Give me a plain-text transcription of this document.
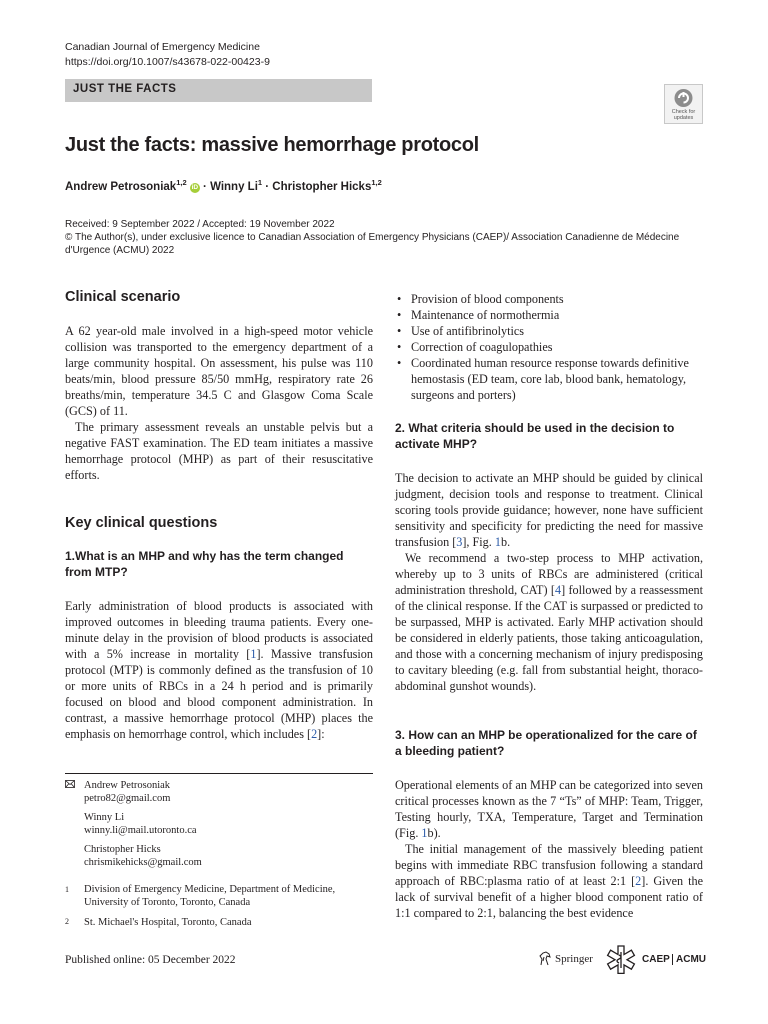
Canadian Journal of Emergency Medicine
https://doi.org/10.1007/s43678-022-00423-9
JUST THE FACTS
Check for
updates
Just the facts: massive hemorrhage protocol
Andrew Petrosoniak$^{1,2}$ iD · Winny $Li^1$ · Christopher Hicks$^{1,2}$
Received: 9 September 2022 / Accepted: 19 November 2022
© The Author(s), under exclusive licence to Canadian Association of Emergency Physicians (CAEP)/ Association Canadienne de Médecine d'Urgence (ACMU) 2022
Clinical scenario

A 62 year-old male involved in a high-speed motor vehicle collision was transported to the emergency department of a large community hospital. On assessment, his pulse was 110 beats/min, blood pressure 85/50 mmHg, respiratory rate 26 breaths/min, temperature 34.5 C and Glasgow Coma Scale (GCS) of 11.

The primary assessment reveals an unstable pelvis but a negative FAST examination. The ED team initiates a massive hemorrhage protocol (MHP) as part of their resuscitative efforts.

Key clinical questions
1.What is an MHP and why has the term changed from MTP?

Early administration of blood products is associated with improved outcomes in bleeding trauma patients. Every one-minute delay in the provision of blood products is associated with a 5% increase in mortality [1]. Massive transfusion protocol (MTP) is commonly defined as the transfusion of 10 or more units of RBCs in a 24 h period and is primarily focused on blood and blood component administration. In contrast, a massive hemorrhage protocol (MHP) places the emphasis on hemorrhage control, which includes [2]:

Andrew Petrosoniak
petro82@gmail.com
Winny Li
winny.li@mail.utoronto.ca
Christopher Hicks
chrismikehicks@gmail.com
1 Division of Emergency Medicine, Department of Medicine, University of Toronto, Toronto, Canada
2 St. Michael's Hospital, Toronto, Canada
• Provision of blood components
• Maintenance of normothermia
• Use of antifibrinolytics
• Correction of coagulopathies
• Coordinated human resource response towards definitive hemostasis (ED team, core lab, blood bank, hematology, surgeons and porters)
2. What criteria should be used in the decision to activate MHP?

The decision to activate an MHP should be guided by clinical judgment, decision tools and response to treatment. Clinical scoring tools provide guidance; however, none have sufficient sensitivity and specificity for predicting the need for massive transfusion [3], Fig. 1b.

We recommend a two-step process to MHP activation, whereby up to 3 units of RBCs are administered (critical administration threshold, CAT) [4] followed by a reassessment of the clinical response. If the CAT is surpassed or predicted to be surpassed, MHP is activated. Early MHP activation should be considered in elderly patients, those taking anticoagulation, and those with a concerning mechanism of injury predisposing to cavitary bleeding (e.g. fall from substantial height, thoraco-abdominal gunshot wounds).

3. How can an MHP be operationalized for the care of a bleeding patient?

Operational elements of an MHP can be categorized into seven critical processes known as the 7 “Ts” of MHP: Team, Trigger, Testing hourly, TXA, Temperature, Target and Termination (Fig. 1b).

The initial management of the massively bleeding patient begins with immediate RBC transfusion following a standard approach of RBC:plasma ratio of at least 2:1 [2]. Given the lack of survival benefit of a higher blood component ratio of 1:1 compared to 2:1, balancing the best evidence

Published online: 05 December 2022	Springer	CAEP ACMU
